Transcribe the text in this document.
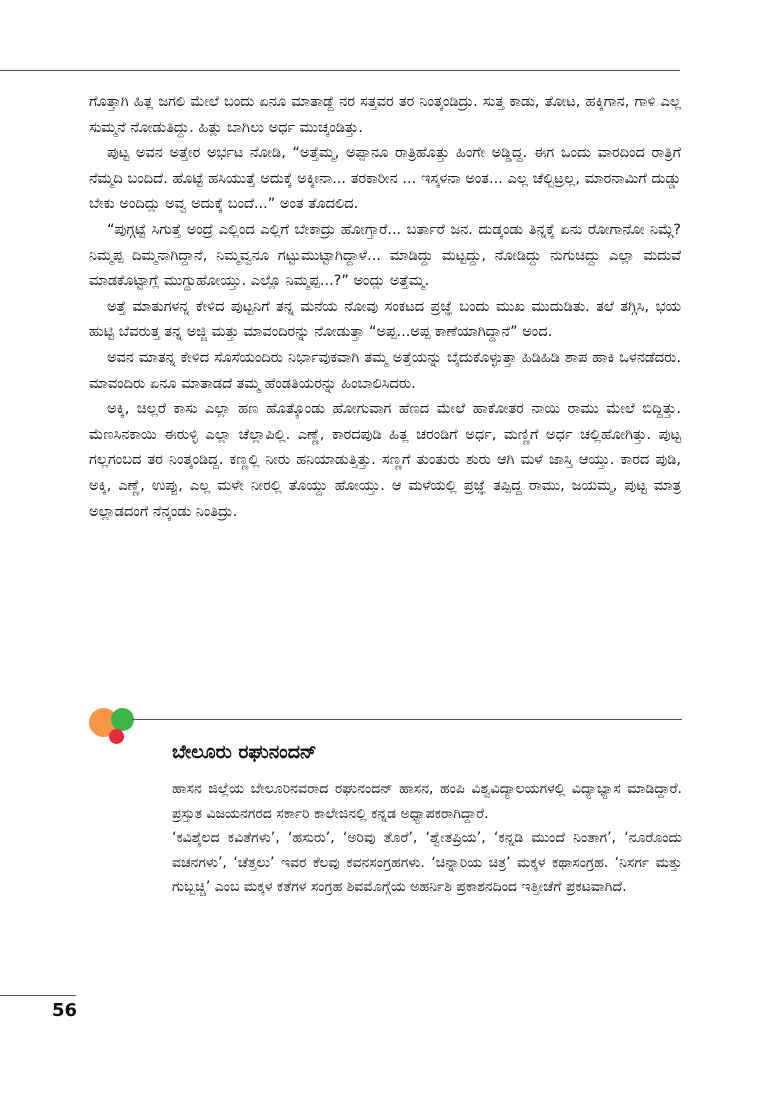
ಗೊತ್ತಾಗಿ ಹಿತ್ಲ ಜಗಲಿ ಮೇಲೆ ಬಂದು ಏನೂ ಮಾತಾಡ್ದೆ ನರ ಸತ್ತವರ ತರ ನಿಂತ್ಕಂಡಿದ್ರು. ಸುತ್ತ ಕಾಡು, ತೋಟ, ಹಕ್ಕಿಗಾನ, ಗಾಳಿ ಎಲ್ಲ ಸುಮ್ಮನೆ ನೋಡುತಿದ್ದು. ಹಿತ್ಲು ಬಾಗಿಲು ಅರ್ಧ ಮುಚ್ಕಂಡಿತ್ತು.

ಪುಟ್ಟ ಅವನ ಅತ್ತೇರ ಅರ್ಭಟ ನೋಡಿ, “ಅತ್ತೆಮ್ಮ, ಅಪ್ಪಾನೂ ರಾತ್ರಿಹೊತ್ತು ಹಿಂಗೇ ಅಡ್ಡಿದ್ದ. ಈಗ ಒಂದು ವಾರದಿಂದ ರಾತ್ರಿಗೆ ನೆಮ್ಮದಿ ಬಂದಿದೆ. ಹೊಟ್ಟೆ ಹಸಿಯುತ್ತೆ ಅದುಕ್ಕೆ ಅಕ್ಕೀನಾ... ತರಕಾರೀನ ... ಇಸ್ಕಳನಾ ಅಂತ... ಎಲ್ಲ ಚೆಲ್ಬಿಟ್ರಲ್ಲ, ಮಾರನಾಮಿಗೆ ದುಡ್ಡು ಬೇಕು ಅಂದಿದ್ಲು ಅವ್ವ ಅದುಕ್ಕೆ ಬಂದೆ...” ಅಂತ ತೊದಲಿದ.

“ಪುಗ್ಗಟ್ಟೆ ಸಿಗುತ್ತೆ ಅಂದ್ರೆ ಎಲ್ಲಿಂದ ಎಲ್ಲಿಗೆ ಬೇಕಾದ್ರು ಹೋಗ್ತಾರೆ... ಬರ್ತಾರೆ ಜನ. ದುಡ್ಕಂಡು ತಿನ್ನಕ್ಕೆ ಏನು ರೋಗಾನೋ ನಿಮ್ಗೆ? ನಿಮ್ಮಪ್ಪ ದಿಮ್ಮನಾಗಿದ್ದಾನೆ, ನಿಮ್ಮವ್ವನೂ ಗಟ್ಟುಮುಟ್ಟಾಗಿದ್ದಾಳೆ... ಮಾಡಿದ್ದು ಮಟ್ಟದ್ದು, ನೋಡಿದ್ದು ನುಗುಚಿದ್ದು ಎಲ್ಲಾ ಮದುವೆ ಮಾಡಕೊಟ್ಟಾಗ್ಲೆ ಮುಗ್ದುಹೋಯ್ತು. ಎಲ್ಲೊ ನಿಮ್ಮಪ್ಪ...?” ಅಂದ್ಲು ಅತ್ತೆಮ್ಮ.

ಅತ್ತೆ ಮಾತುಗಳನ್ನ ಕೇಳಿದ ಪುಟ್ಟನಿಗೆ ತನ್ನ ಮನೆಯ ನೋವು ಸಂಕಟದ ಪ್ರಜ್ಞೆ ಬಂದು ಮುಖ ಮುದುಡಿತು. ತಲೆ ತಗ್ಗಿಸಿ, ಭಯ ಹುಟ್ಟಿ ಬೆವರುತ್ತ ತನ್ನ ಅಜ್ಜಿ ಮತ್ತು ಮಾವಂದಿರನ್ನು ನೋಡುತ್ತಾ “ಅಪ್ಪ...ಅಪ್ಪ ಕಾಣೆಯಾಗಿದ್ದಾನೆ” ಅಂದ.

ಅವನ ಮಾತನ್ನ ಕೇಳಿದ ಸೊಸೆಯಂದಿರು ನಿರ್ಭಾವುಕವಾಗಿ ತಮ್ಮ ಅತ್ತೆಯನ್ನು ಬೈದುಕೊಳ್ಳುತ್ತಾ ಹಿಡಿಹಿಡಿ ಶಾಪ ಹಾಕಿ ಒಳನಡೆದರು. ಮಾವಂದಿರು ಏನೂ ಮಾತಾಡದೆ ತಮ್ಮ ಹೆಂಡತಿಯರನ್ನು ಹಿಂಬಾಲಿಸಿದರು.

ಅಕ್ಕಿ, ಚಿಲ್ಲರೆ ಕಾಸು ಎಲ್ಲಾ ಹಣ ಹೊತ್ಕೊಂಡು ಹೋಗುವಾಗ ಹೆಣದ ಮೇಲೆ ಹಾಕೋತರ ನಾಯಿ ರಾಮು ಮೇಲೆ ಬಿದ್ದಿತ್ತು. ಮೆಣಸಿನಕಾಯಿ ಈರುಳ್ಳಿ ಎಲ್ಲಾ ಚೆಲ್ಲಾಪಿಲ್ಲಿ. ಎಣ್ಣೆ, ಕಾರದಪುಡಿ ಹಿತ್ಲ ಚರಂಡಿಗೆ ಅರ್ಧ, ಮಣ್ಣಿಗೆ ಅರ್ಧ ಚಲ್ಲಿಹೋಗಿತ್ತು. ಪುಟ್ಟ ಗಲ್ಲಗಂಬದ ತರ ನಿಂತ್ಕಂಡಿದ್ದ. ಕಣ್ಣಲ್ಲಿ ನೀರು ಹನಿಯಾಡುತ್ತಿತ್ತು. ಸಣ್ಣಗೆ ತುಂತುರು ಶುರು ಆಗಿ ಮಳೆ ಜಾಸ್ತಿ ಆಯ್ತು. ಕಾರದ ಪುಡಿ, ಅಕ್ಕಿ, ಎಣ್ಣೆ, ಉಪ್ಪು, ಎಲ್ಲ ಮಳೇ ನೀರಲ್ಲಿ ತೊಯ್ದು ಹೋಯ್ತು. ಆ ಮಳೆಯಲ್ಲಿ ಪ್ರಜ್ಞೆ ತಪ್ಪಿದ್ದ ರಾಮು, ಜಯಮ್ಮ, ಪುಟ್ಟ ಮಾತ್ರ ಅಲ್ಲಾಡದಂಗೆ ನೆನ್ಕಂಡು ನಿಂತಿದ್ರು.

ಬೇಲೂರು ರಘುನಂದನ್

ಹಾಸನ ಜಿಲ್ಲೆಯ ಬೇಲೂರಿನವರಾದ ರಘುನಂದನ್ ಹಾಸನ, ಹಂಪಿ ವಿಶ್ವವಿದ್ಯಾಲಯಗಳಲ್ಲಿ ವಿದ್ಯಾಭ್ಯಾಸ ಮಾಡಿದ್ದಾರೆ. ಪ್ರಸ್ತುತ ವಿಜಯನಗರದ ಸರ್ಕಾರಿ ಕಾಲೇಜಿನಲ್ಲಿ ಕನ್ನಡ ಅಧ್ಯಾಪಕರಾಗಿದ್ದಾರೆ.

‘ಕವಿಶೈಲದ ಕವಿತೆಗಳು’, ‘ಹಸುರು’, ‘ಅರಿವು ತೊರೆ’, ‘ಶ್ವೇತಪ್ರಿಯ’, ‘ಕನ್ನಡಿ ಮುಂದೆ ನಿಂತಾಗ’, ‘ನೂರೊಂದು ವಚನಗಳು’, ‘ಚೆತ್ತಲು’ ಇವರ ಕೆಲವು ಕವನಸಂಗ್ರಹಗಳು. ‘ಚಿನ್ನಾರಿಯ ಚಿತ್ರ’ ಮಕ್ಕಳ ಕಥಾಸಂಗ್ರಹ. ‘ನಿಸರ್ಗ ಮತ್ತು ಗುಬ್ಬಚ್ಚಿ’ ಎಂಬ ಮಕ್ಕಳ ಕತೆಗಳ ಸಂಗ್ರಹ ಶಿವಮೊಗ್ಗೆಯ ಅಹರ್ನಿಶಿ ಪ್ರಕಾಶನದಿಂದ ಇತ್ತೀಚೆಗೆ ಪ್ರಕಟವಾಗಿದೆ.

56
